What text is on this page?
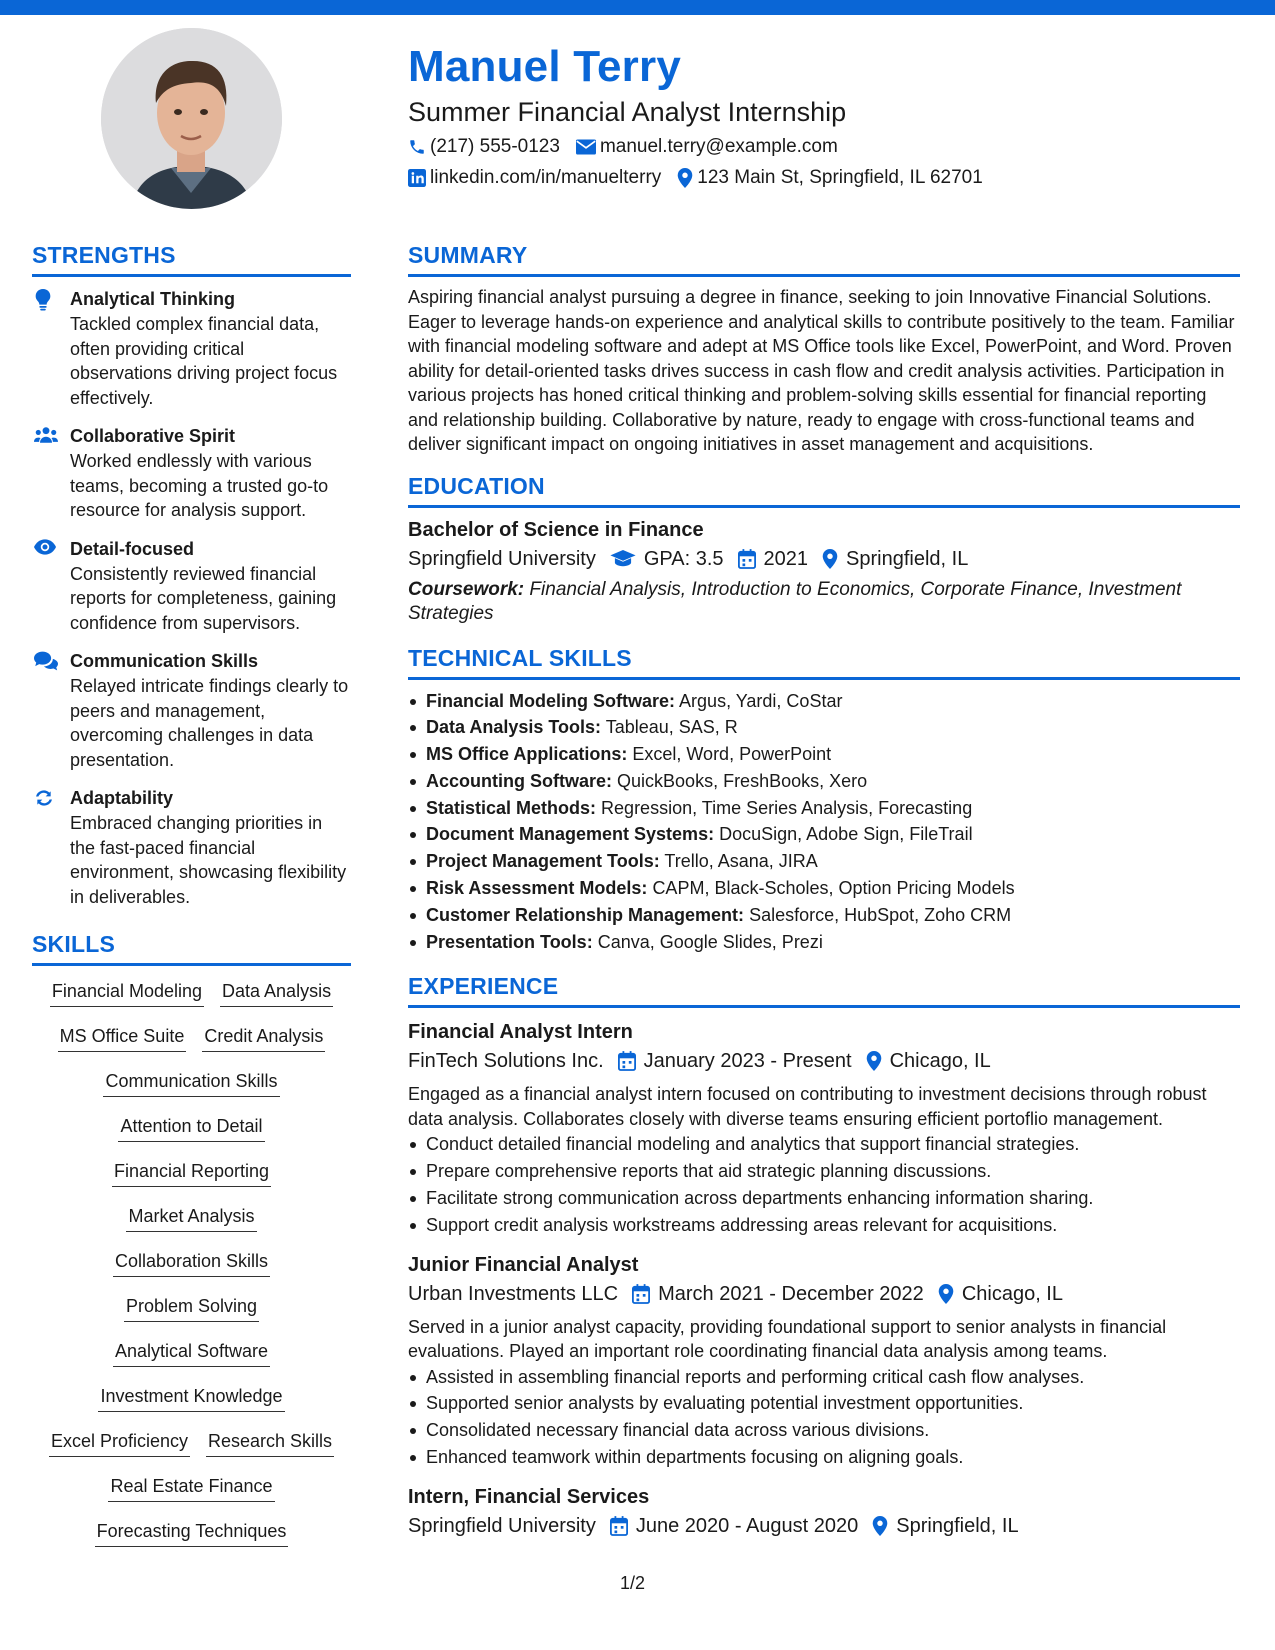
Manuel Terry
Summer Financial Analyst Internship
(217) 555-0123 manuel.terry@example.com
linkedin.com/in/manuelterry 123 Main St, Springfield, IL 62701
STRENGTHS
Analytical Thinking
Tackled complex financial data, often providing critical observations driving project focus effectively.
Collaborative Spirit
Worked endlessly with various teams, becoming a trusted go-to resource for analysis support.
Detail-focused
Consistently reviewed financial reports for completeness, gaining confidence from supervisors.
Communication Skills
Relayed intricate findings clearly to peers and management, overcoming challenges in data presentation.
Adaptability
Embraced changing priorities in the fast-paced financial environment, showcasing flexibility in deliverables.
SKILLS
Financial Modeling Data Analysis
MS Office Suite Credit Analysis
Communication Skills
Attention to Detail
Financial Reporting
Market Analysis
Collaboration Skills
Problem Solving
Analytical Software
Investment Knowledge
Excel Proficiency Research Skills
Real Estate Finance
Forecasting Techniques
SUMMARY
Aspiring financial analyst pursuing a degree in finance, seeking to join Innovative Financial Solutions. Eager to leverage hands-on experience and analytical skills to contribute positively to the team. Familiar with financial modeling software and adept at MS Office tools like Excel, PowerPoint, and Word. Proven ability for detail-oriented tasks drives success in cash flow and credit analysis activities. Participation in various projects has honed critical thinking and problem-solving skills essential for financial reporting and relationship building. Collaborative by nature, ready to engage with cross-functional teams and deliver significant impact on ongoing initiatives in asset management and acquisitions.
EDUCATION
Bachelor of Science in Finance
Springfield University GPA: 3.5 2021 Springfield, IL
Coursework: Financial Analysis, Introduction to Economics, Corporate Finance, Investment Strategies
TECHNICAL SKILLS
Financial Modeling Software: Argus, Yardi, CoStar
Data Analysis Tools: Tableau, SAS, R
MS Office Applications: Excel, Word, PowerPoint
Accounting Software: QuickBooks, FreshBooks, Xero
Statistical Methods: Regression, Time Series Analysis, Forecasting
Document Management Systems: DocuSign, Adobe Sign, FileTrail
Project Management Tools: Trello, Asana, JIRA
Risk Assessment Models: CAPM, Black-Scholes, Option Pricing Models
Customer Relationship Management: Salesforce, HubSpot, Zoho CRM
Presentation Tools: Canva, Google Slides, Prezi
EXPERIENCE
Financial Analyst Intern
FinTech Solutions Inc. January 2023 - Present Chicago, IL
Engaged as a financial analyst intern focused on contributing to investment decisions through robust data analysis. Collaborates closely with diverse teams ensuring efficient portoflio management.
Conduct detailed financial modeling and analytics that support financial strategies.
Prepare comprehensive reports that aid strategic planning discussions.
Facilitate strong communication across departments enhancing information sharing.
Support credit analysis workstreams addressing areas relevant for acquisitions.
Junior Financial Analyst
Urban Investments LLC March 2021 - December 2022 Chicago, IL
Served in a junior analyst capacity, providing foundational support to senior analysts in financial evaluations. Played an important role coordinating financial data analysis among teams.
Assisted in assembling financial reports and performing critical cash flow analyses.
Supported senior analysts by evaluating potential investment opportunities.
Consolidated necessary financial data across various divisions.
Enhanced teamwork within departments focusing on aligning goals.
Intern, Financial Services
Springfield University June 2020 - August 2020 Springfield, IL
1/2
